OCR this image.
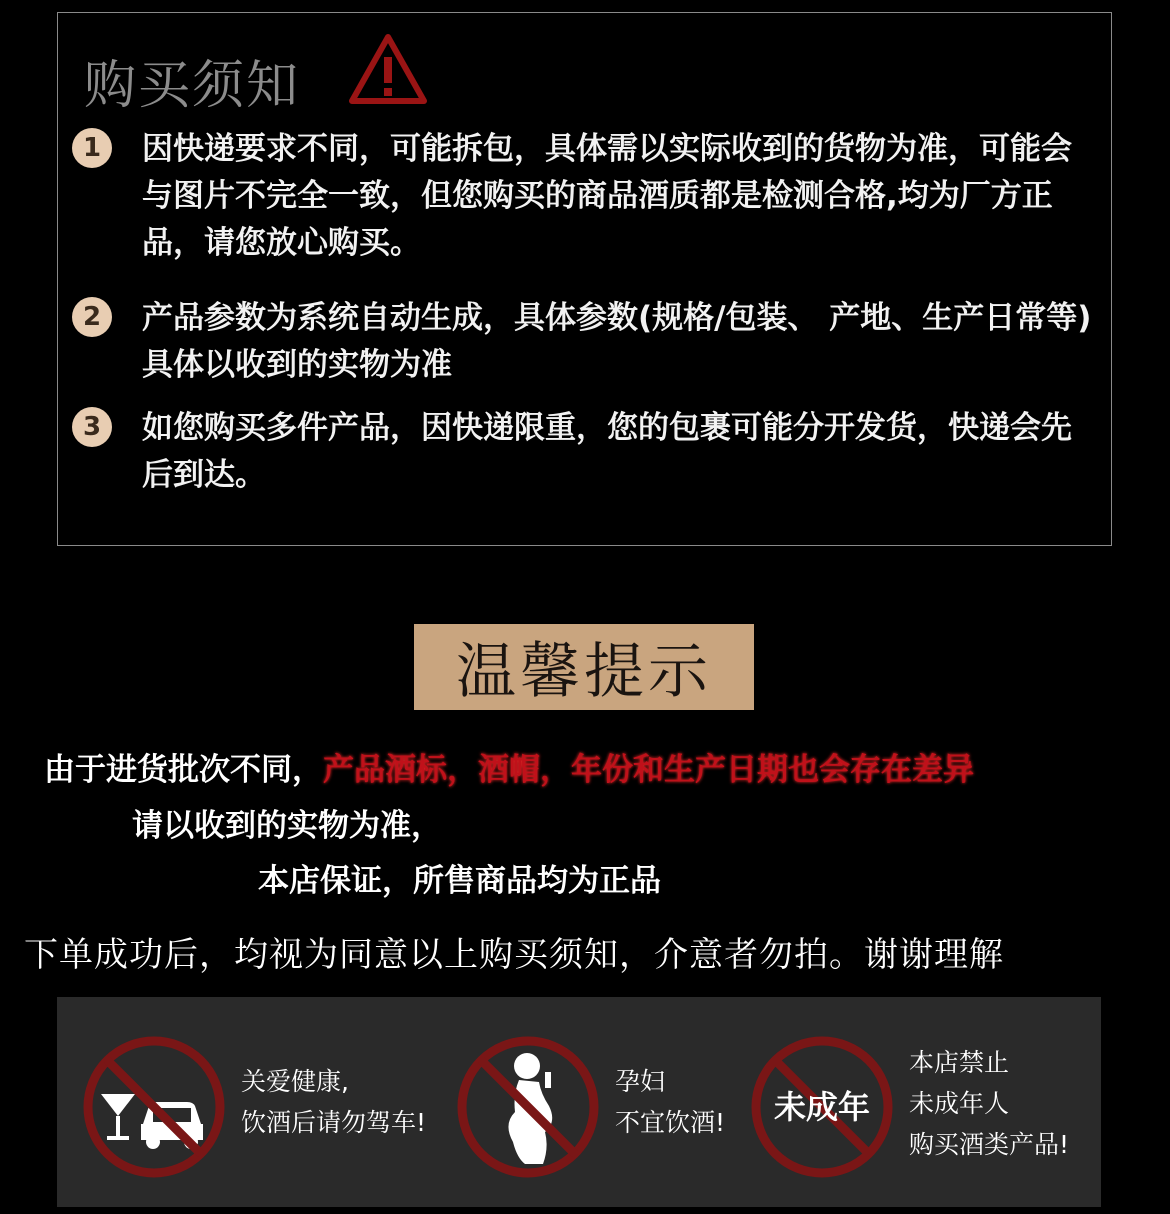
购买须知
1	因快递要求不同，可能拆包，具体需以实际收到的货物为准，可能会与图片不完全一致，但您购买的商品酒质都是检测合格,均为厂方正品，请您放心购买。
2	产品参数为系统自动生成，具体参数(规格/包装、 产地、生产日常等)具体以收到的实物为准
3	如您购买多件产品，因快递限重，您的包裹可能分开发货，快递会先后到达。
温馨提示
由于进货批次不同，产品酒标，酒帽，年份和生产日期也会存在差异
请以收到的实物为准，
本店保证，所售商品均为正品
下单成功后，均视为同意以上购买须知，介意者勿拍。谢谢理解
关爱健康,
饮酒后请勿驾车!
孕妇
不宜饮酒! 未成年
本店禁止
未成年人
购买酒类产品!
